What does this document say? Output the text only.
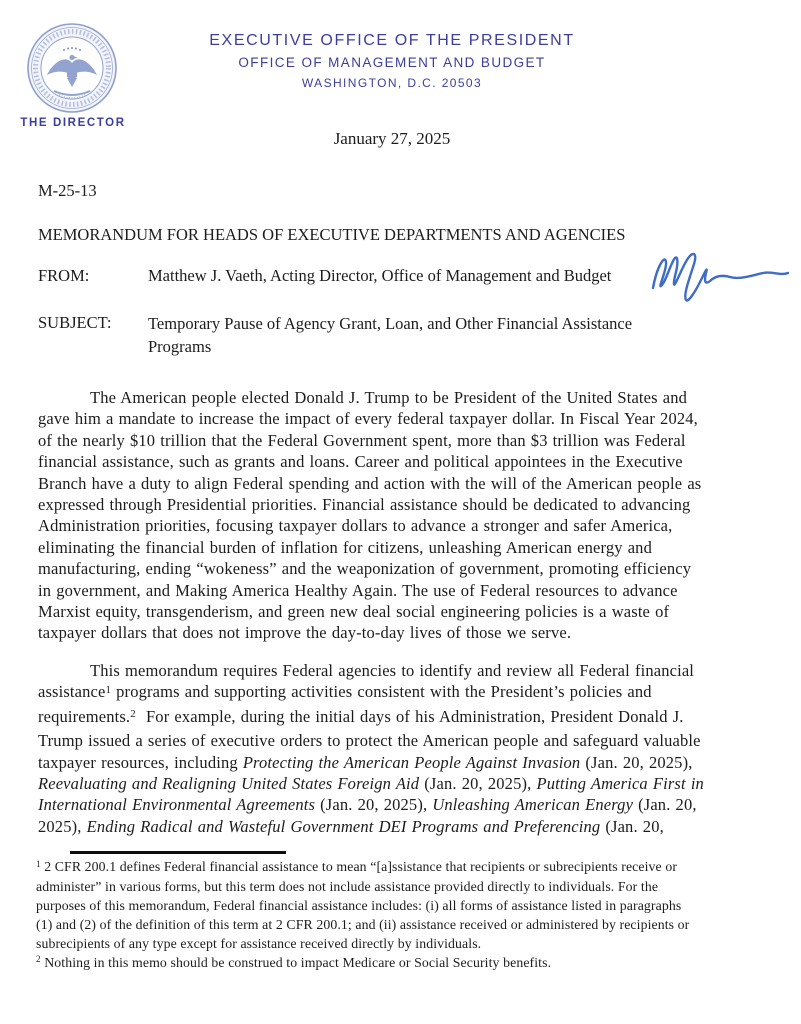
THE DIRECTOR
EXECUTIVE OFFICE OF THE PRESIDENT
OFFICE OF MANAGEMENT AND BUDGET
WASHINGTON, D.C. 20503
January 27, 2025
M-25-13
MEMORANDUM FOR HEADS OF EXECUTIVE DEPARTMENTS AND AGENCIES
FROM:	Matthew J. Vaeth, Acting Director, Office of Management and Budget
SUBJECT: Temporary Pause of Agency Grant, Loan, and Other Financial Assistance
Programs
The American people elected Donald J. Trump to be President of the United States and
gave him a mandate to increase the impact of every federal taxpayer dollar. In Fiscal Year 2024,
of the nearly $10 trillion that the Federal Government spent, more than $3 trillion was Federal
financial assistance, such as grants and loans. Career and political appointees in the Executive
Branch have a duty to align Federal spending and action with the will of the American people as
expressed through Presidential priorities. Financial assistance should be dedicated to advancing
Administration priorities, focusing taxpayer dollars to advance a stronger and safer America,
eliminating the financial burden of inflation for citizens, unleashing American energy and
manufacturing, ending “wokeness” and the weaponization of government, promoting efficiency
in government, and Making America Healthy Again. The use of Federal resources to advance
Marxist equity, transgenderism, and green new deal social engineering policies is a waste of
taxpayer dollars that does not improve the day-to-day lives of those we serve.
This memorandum requires Federal agencies to identify and review all Federal financial
assistance$^1$ programs and supporting activities consistent with the President’s policies and
requirements.$^2$  For example, during the initial days of his Administration, President Donald J.
Trump issued a series of executive orders to protect the American people and safeguard valuable
taxpayer resources, including Protecting the American People Against Invasion (Jan. 20, 2025),
Reevaluating and Realigning United States Foreign Aid (Jan. 20, 2025), Putting America First in
International Environmental Agreements (Jan. 20, 2025), Unleashing American Energy (Jan. 20,
2025), Ending Radical and Wasteful Government DEI Programs and Preferencing (Jan. 20,
$^1$ 2 CFR 200.1 defines Federal financial assistance to mean “[a]ssistance that recipients or subrecipients receive or
administer” in various forms, but this term does not include assistance provided directly to individuals. For the
purposes of this memorandum, Federal financial assistance includes: (i) all forms of assistance listed in paragraphs
(1) and (2) of the definition of this term at 2 CFR 200.1; and (ii) assistance received or administered by recipients or
subrecipients of any type except for assistance received directly by individuals.
$^2$ Nothing in this memo should be construed to impact Medicare or Social Security benefits.
